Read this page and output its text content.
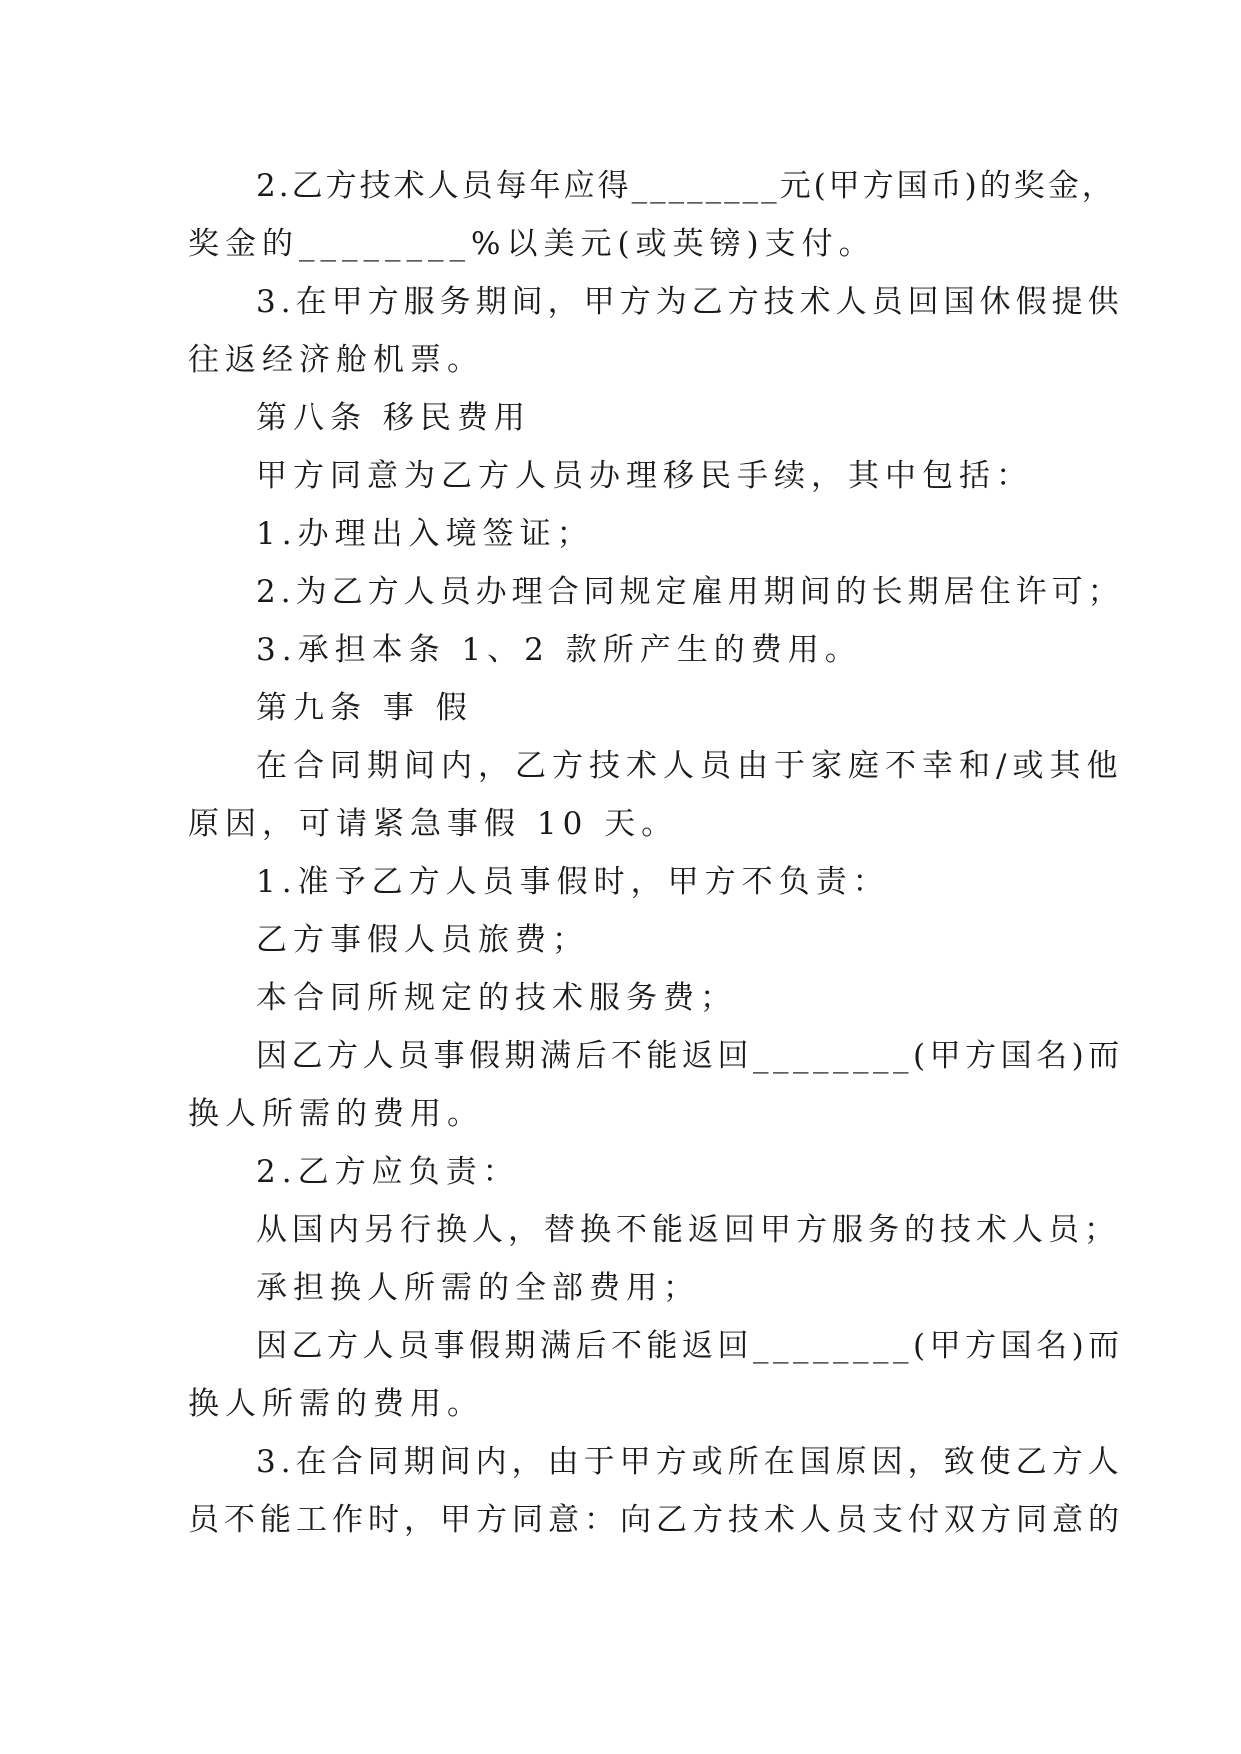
2.乙方技术人员每年应得________元(甲方国币)的奖金，
奖金的________%以美元(或英镑)支付。
3.在甲方服务期间，甲方为乙方技术人员回国休假提供
往返经济舱机票。
第八条 移民费用
甲方同意为乙方人员办理移民手续，其中包括：
1.办理出入境签证；
2.为乙方人员办理合同规定雇用期间的长期居住许可；
3.承担本条 1、2 款所产生的费用。
第九条 事 假
在合同期间内，乙方技术人员由于家庭不幸和/或其他
原因，可请紧急事假 10 天。
1.准予乙方人员事假时，甲方不负责：
乙方事假人员旅费；
本合同所规定的技术服务费；
因乙方人员事假期满后不能返回________(甲方国名)而
换人所需的费用。
2.乙方应负责：
从国内另行换人，替换不能返回甲方服务的技术人员；
承担换人所需的全部费用；
因乙方人员事假期满后不能返回________(甲方国名)而
换人所需的费用。
3.在合同期间内，由于甲方或所在国原因，致使乙方人
员不能工作时，甲方同意：向乙方技术人员支付双方同意的
